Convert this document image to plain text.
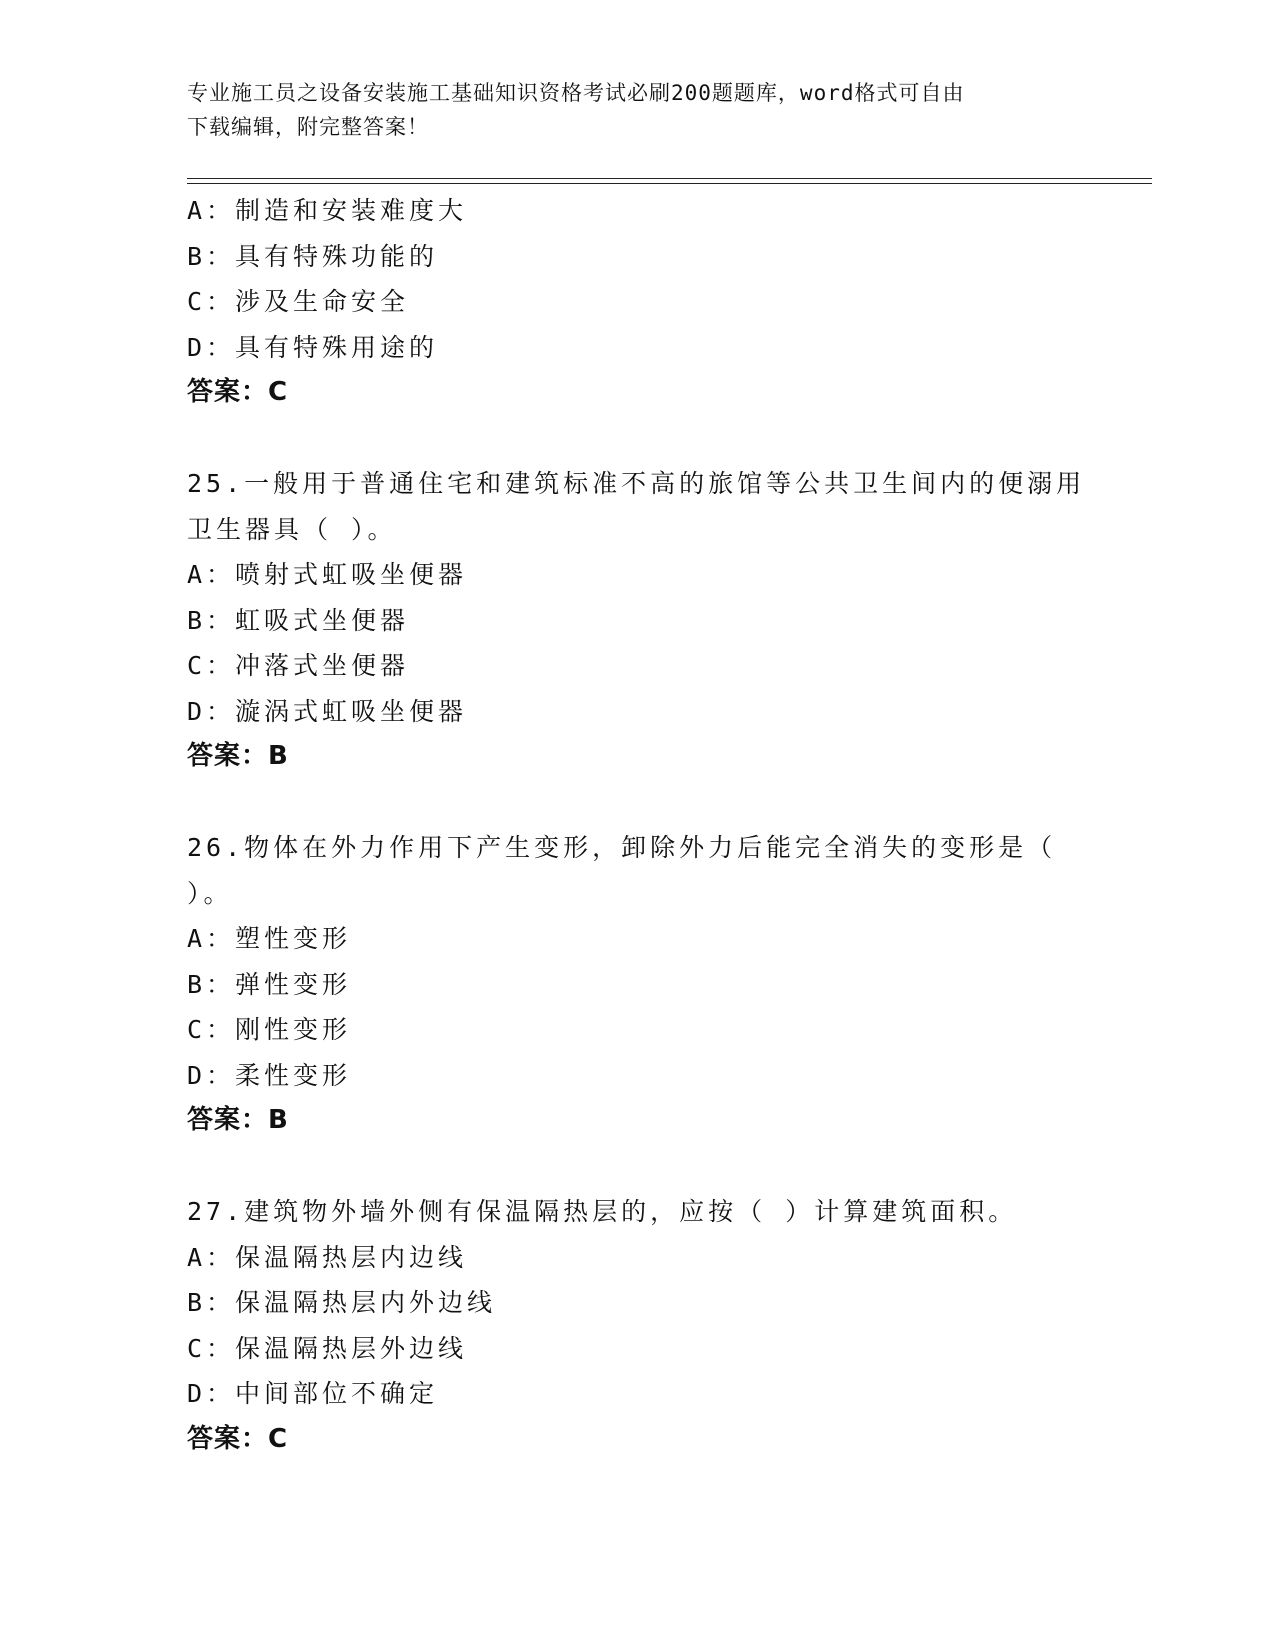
专业施工员之设备安装施工基础知识资格考试必刷200题题库，word格式可自由
下载编辑，附完整答案！
A：制造和安装难度大
B：具有特殊功能的
C：涉及生命安全
D：具有特殊用途的
答案：C
25.一般用于普通住宅和建筑标准不高的旅馆等公共卫生间内的便溺用
卫生器具（ ）。
A：喷射式虹吸坐便器
B：虹吸式坐便器
C：冲落式坐便器
D：漩涡式虹吸坐便器
答案：B
26.物体在外力作用下产生变形，卸除外力后能完全消失的变形是（
）。
A：塑性变形
B：弹性变形
C：刚性变形
D：柔性变形
答案：B
27.建筑物外墙外侧有保温隔热层的，应按（ ）计算建筑面积。
A：保温隔热层内边线
B：保温隔热层内外边线
C：保温隔热层外边线
D：中间部位不确定
答案：C
